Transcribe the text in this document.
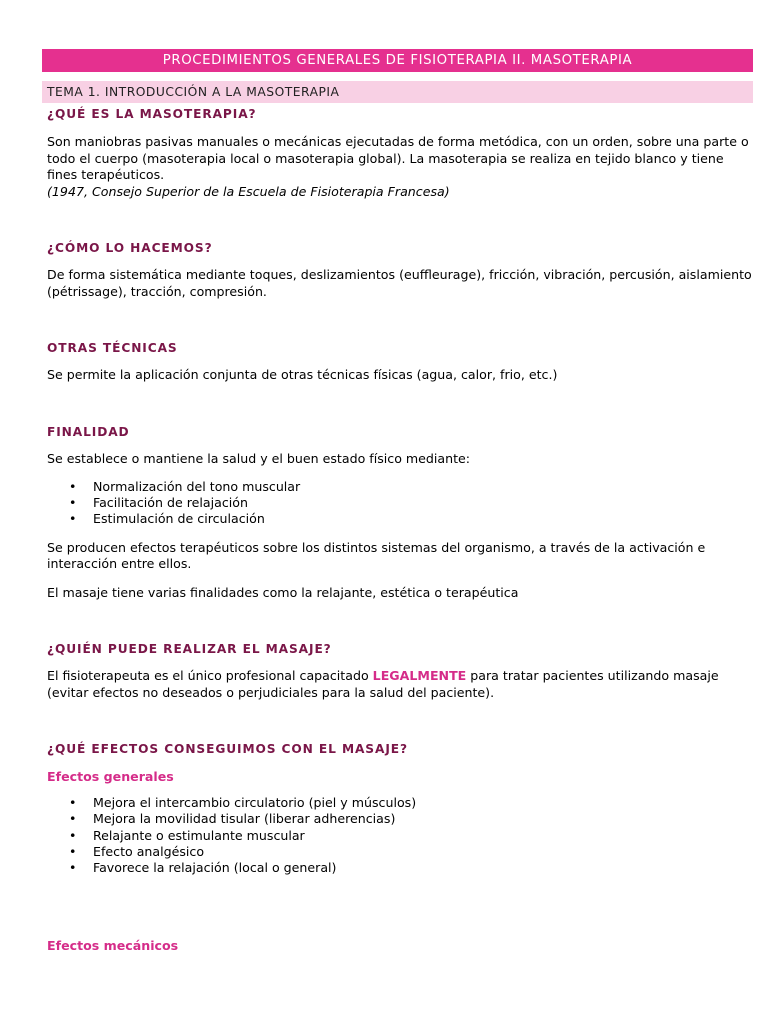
PROCEDIMIENTOS GENERALES DE FISIOTERAPIA II. MASOTERAPIA
TEMA 1. INTRODUCCIÓN A LA MASOTERAPIA
¿QUÉ ES LA MASOTERAPIA?

Son maniobras pasivas manuales o mecánicas ejecutadas de forma metódica, con un orden, sobre una parte o todo el cuerpo (masoterapia local o masoterapia global). La masoterapia se realiza en tejido blanco y tiene fines terapéuticos.

(1947, Consejo Superior de la Escuela de Fisioterapia Francesa)

¿CÓMO LO HACEMOS?

De forma sistemática mediante toques, deslizamientos (euffleurage), fricción, vibración, percusión, aislamiento (pétrissage), tracción, compresión.

OTRAS TÉCNICAS

Se permite la aplicación conjunta de otras técnicas físicas (agua, calor, frio, etc.)

FINALIDAD

Se establece o mantiene la salud y el buen estado físico mediante:

• Normalización del tono muscular
• Facilitación de relajación
• Estimulación de circulación

Se producen efectos terapéuticos sobre los distintos sistemas del organismo, a través de la activación e interacción entre ellos.

El masaje tiene varias finalidades como la relajante, estética o terapéutica

¿QUIÉN PUEDE REALIZAR EL MASAJE?

El fisioterapeuta es el único profesional capacitado LEGALMENTE para tratar pacientes utilizando masaje (evitar efectos no deseados o perjudiciales para la salud del paciente).

¿QUÉ EFECTOS CONSEGUIMOS CON EL MASAJE?
Efectos generales
• Mejora el intercambio circulatorio (piel y músculos)
• Mejora la movilidad tisular (liberar adherencias)
• Relajante o estimulante muscular
• Efecto analgésico
• Favorece la relajación (local o general)
Efectos mecánicos
